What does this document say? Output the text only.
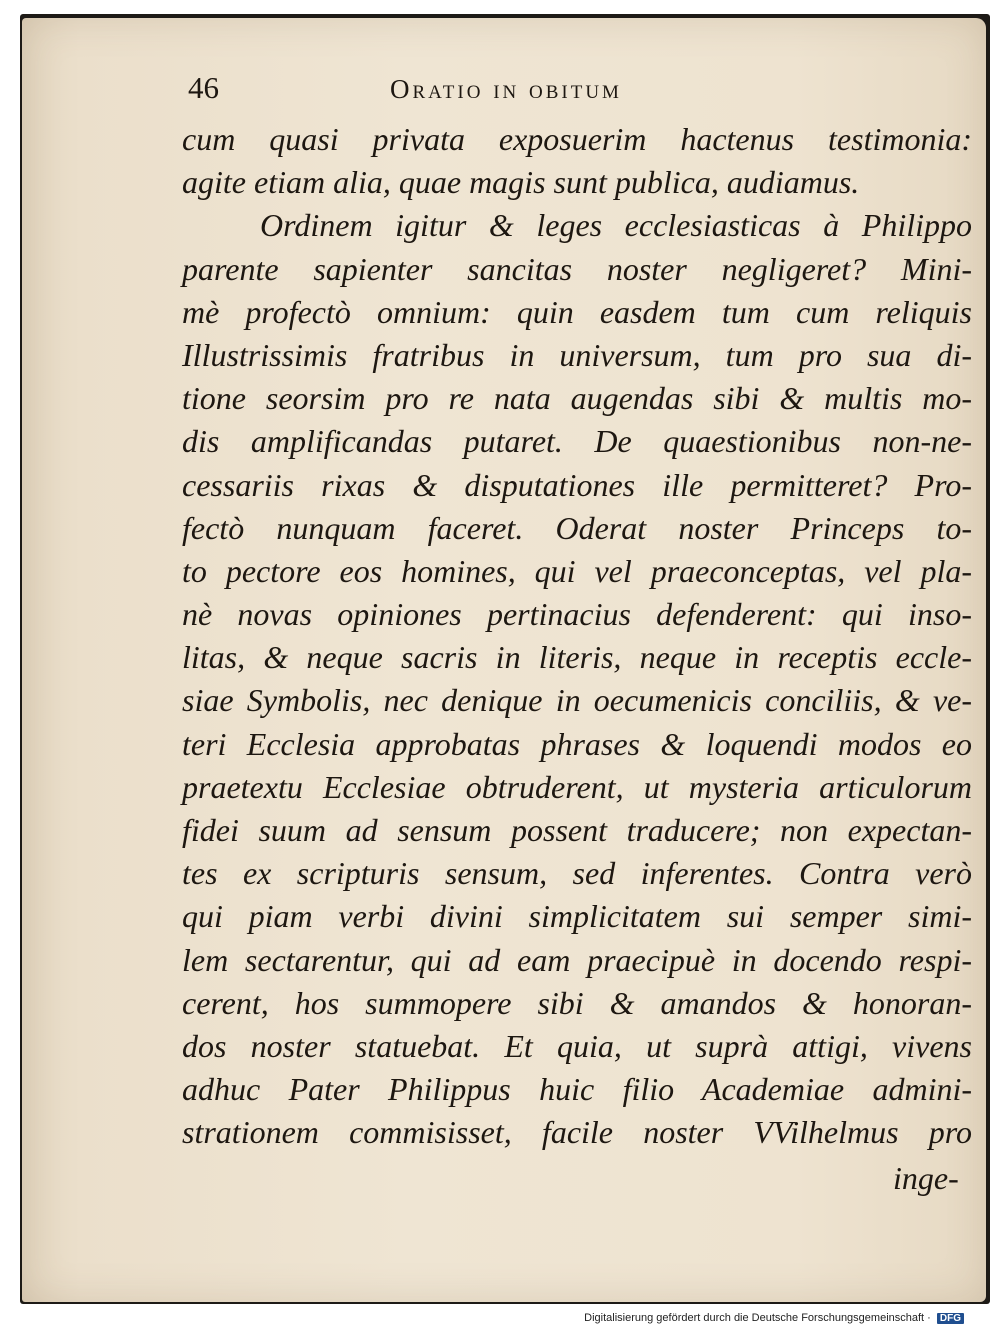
46	Oratio in obitum
cum quasi privata exposuerim hactenus testimonia:
agite etiam alia, quae magis sunt publica, audiamus.
Ordinem igitur & leges ecclesiasticas à Philippo
parente sapienter sancitas noster negligeret? Mini-
mè profectò omnium: quin easdem tum cum reliquis
Illustrissimis fratribus in universum, tum pro sua di-
tione seorsim pro re nata augendas sibi & multis mo-
dis amplificandas putaret. De quaestionibus non-ne-
cessariis rixas & disputationes ille permitteret? Pro-
fectò nunquam faceret. Oderat noster Princeps to-
to pectore eos homines, qui vel praeconceptas, vel pla-
nè novas opiniones pertinacius defenderent: qui inso-
litas, & neque sacris in literis, neque in receptis eccle-
siae Symbolis, nec denique in oecumenicis conciliis, & ve-
teri Ecclesia approbatas phrases & loquendi modos eo
praetextu Ecclesiae obtruderent, ut mysteria articulorum
fidei suum ad sensum possent traducere; non expectan-
tes ex scripturis sensum, sed inferentes. Contra verò
qui piam verbi divini simplicitatem sui semper simi-
lem sectarentur, qui ad eam praecipuè in docendo respi-
cerent, hos summopere sibi & amandos & honoran-
dos noster statuebat. Et quia, ut suprà attigi, vivens
adhuc Pater Philippus huic filio Academiae admini-
strationem commisisset, facile noster VVilhelmus pro
inge-
Digitalisierung gefördert durch die Deutsche Forschungsgemeinschaft · DFG
